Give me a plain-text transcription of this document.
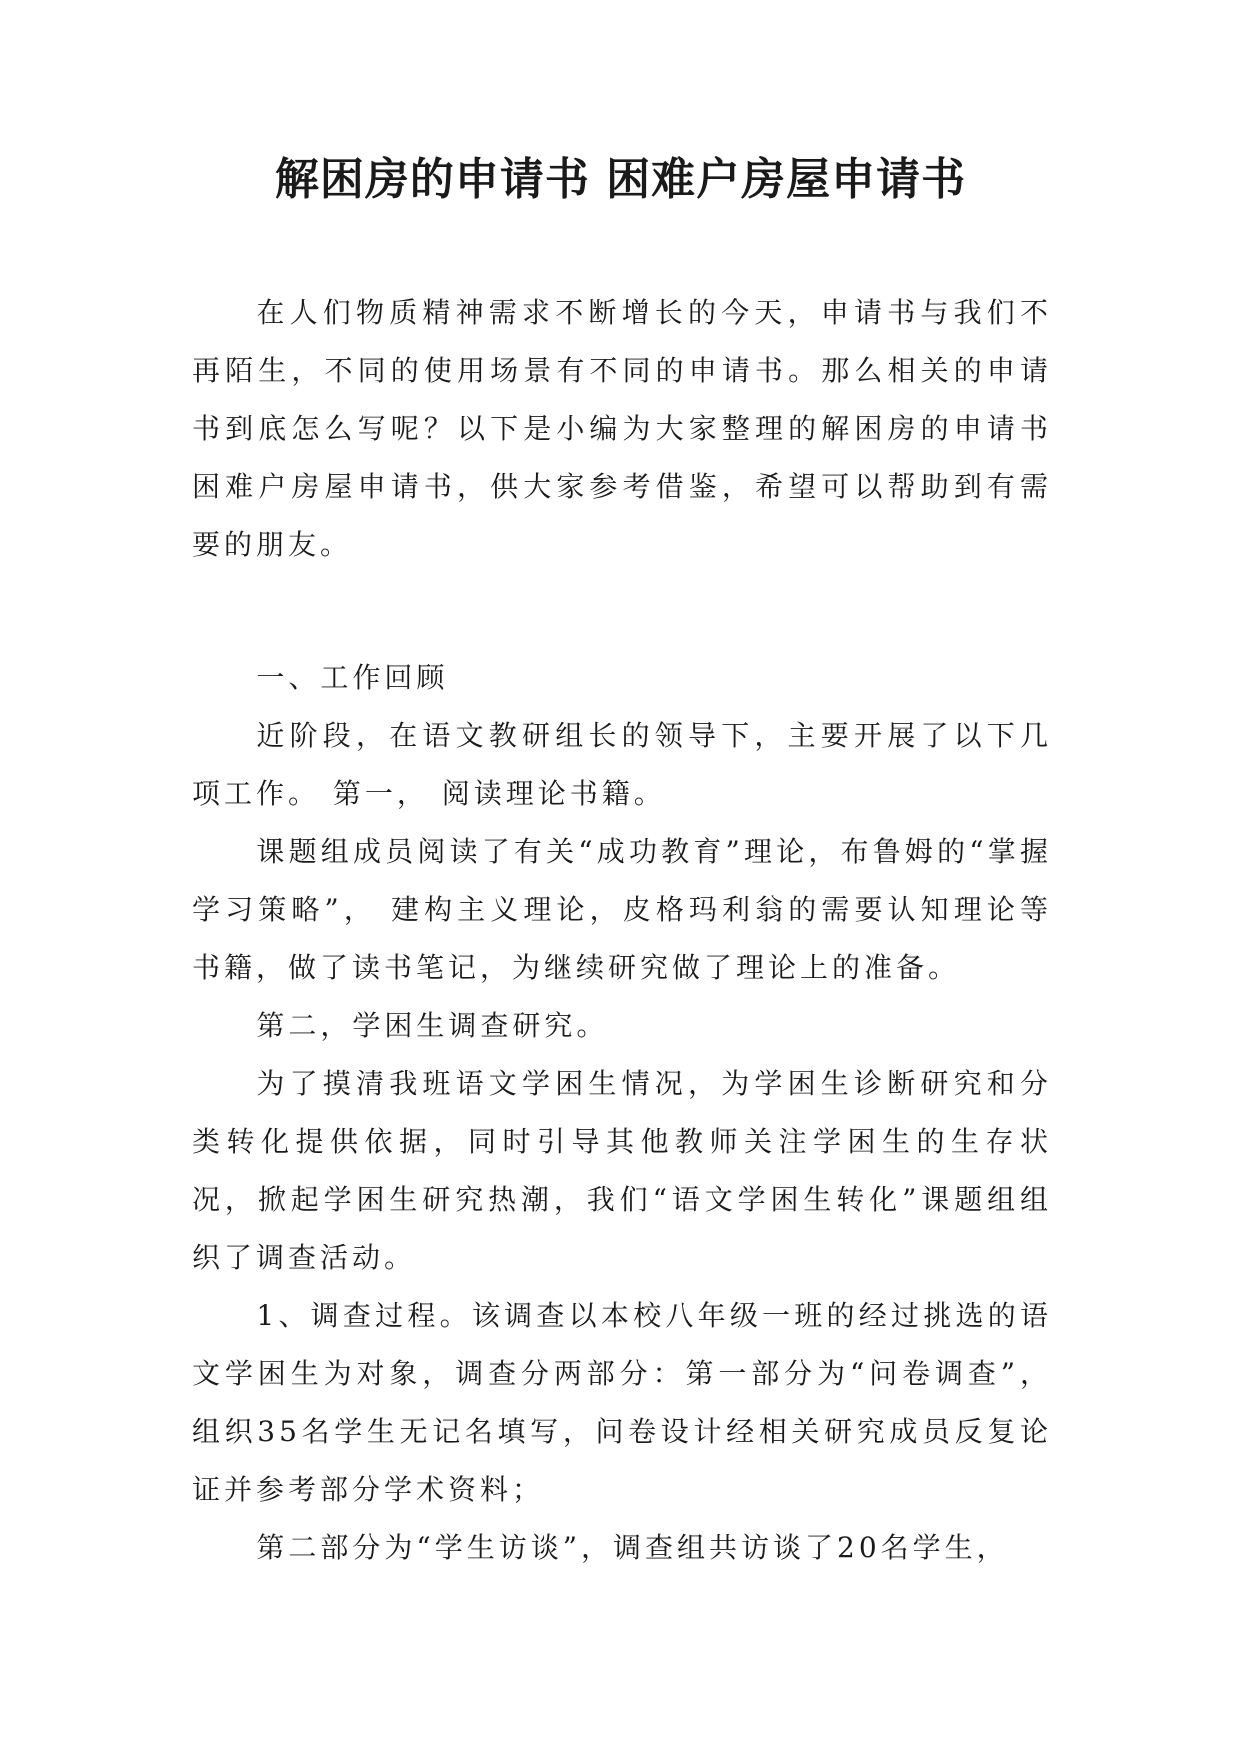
解困房的申请书 困难户房屋申请书

在人们物质精神需求不断增长的今天，申请书与我们不再陌生，不同的使用场景有不同的申请书。那么相关的申请书到底怎么写呢？以下是小编为大家整理的解困房的申请书 困难户房屋申请书，供大家参考借鉴，希望可以帮助到有需要的朋友。

一、工作回顾

近阶段，在语文教研组长的领导下，主要开展了以下几项工作。 第一， 阅读理论书籍。

课题组成员阅读了有关“成功教育”理论，布鲁姆的“掌握学习策略”， 建构主义理论，皮格玛利翁的需要认知理论等书籍，做了读书笔记，为继续研究做了理论上的准备。

第二，学困生调查研究。

为了摸清我班语文学困生情况，为学困生诊断研究和分类转化提供依据，同时引导其他教师关注学困生的生存状况，掀起学困生研究热潮，我们“语文学困生转化”课题组组织了调查活动。

1、调查过程。该调查以本校八年级一班的经过挑选的语文学困生为对象，调查分两部分：第一部分为“问卷调查”，组织35名学生无记名填写，问卷设计经相关研究成员反复论证并参考部分学术资料；

第二部分为“学生访谈”，调查组共访谈了20名学生，
